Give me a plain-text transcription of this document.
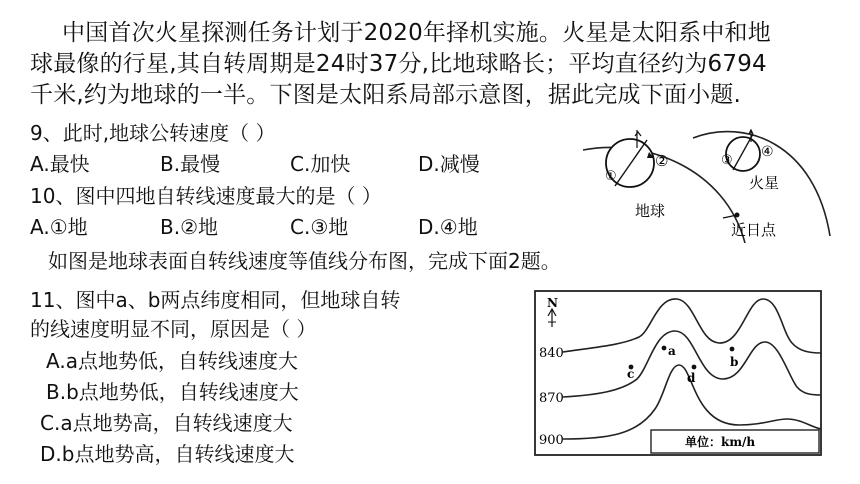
中国首次火星探测任务计划于2020年择机实施。火星是太阳系中和地
球最像的行星,其自转周期是24时37分,比地球略长；平均直径约为6794
千米,约为地球的一半。下图是太阳系局部示意图，据此完成下面小题.
9、此时,地球公转速度（ ）
A.最快	B.最慢	C.加快	D.减慢
10、图中四地自转线速度最大的是（ ）
A.①地	B.②地	C.③地	D.④地
①
②	③
④
火星
地球
近日点
如图是地球表面自转线速度等值线分布图，完成下面2题。
11、图中a、b两点纬度相同，但地球自转
的线速度明显不同，原因是（ ）
A.a点地势低，自转线速度大
B.b点地势低，自转线速度大
C.a点地势高，自转线速度大
D.b点地势高，自转线速度大
N
840
870
900
a
b
c	d
单位：km/h
